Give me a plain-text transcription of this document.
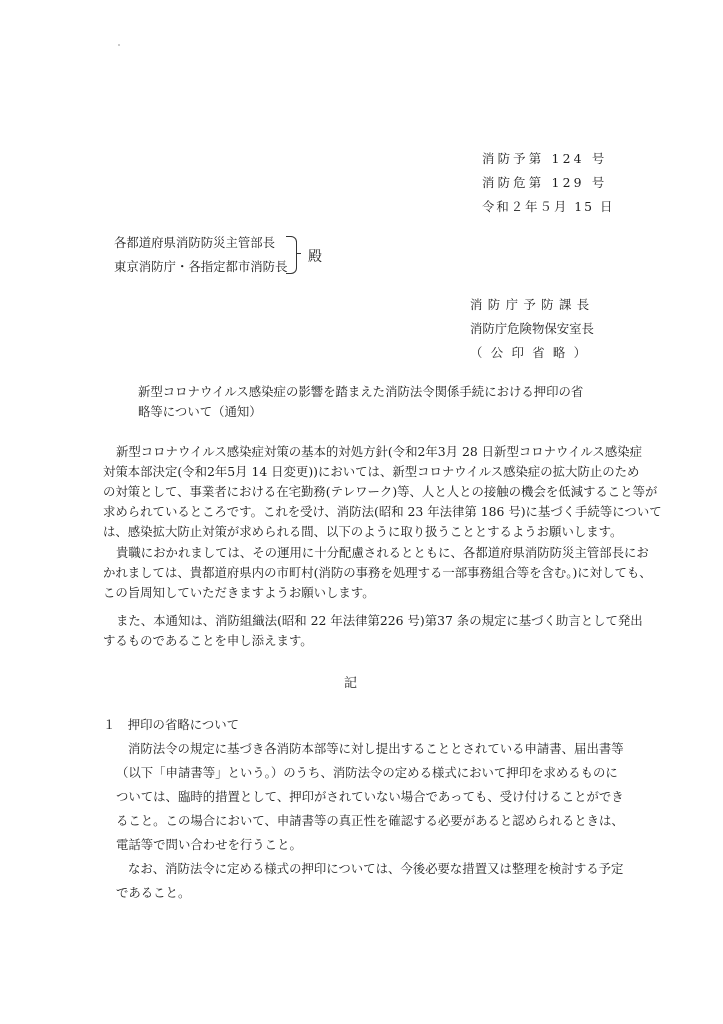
消防予第 124 号
消防危第 129 号
令和２年５月 15 日
各都道府県消防防災主管部長
東京消防庁・各指定都市消防長
殿
消防庁予防課長
消防庁危険物保安室長
（ 公 印 省 略 ）
新型コロナウイルス感染症の影響を踏まえた消防法令関係手続における押印の省
略等について（通知）
新型コロナウイルス感染症対策の基本的対処方針(令和2年3月 28 日新型コロナウイルス感染症
対策本部決定(令和2年5月 14 日変更))においては、新型コロナウイルス感染症の拡大防止のため
の対策として、事業者における在宅勤務(テレワーク)等、人と人との接触の機会を低減すること等が
求められているところです。これを受け、消防法(昭和 23 年法律第 186 号)に基づく手続等について
は、感染拡大防止対策が求められる間、以下のように取り扱うこととするようお願いします。
貴職におかれましては、その運用に十分配慮されるとともに、各都道府県消防防災主管部長にお
かれましては、貴都道府県内の市町村(消防の事務を処理する一部事務組合等を含む。)に対しても、
この旨周知していただきますようお願いします。
また、本通知は、消防組織法(昭和 22 年法律第226 号)第37 条の規定に基づく助言として発出
するものであることを申し添えます。
記
１　押印の省略について
消防法令の規定に基づき各消防本部等に対し提出することとされている申請書、届出書等
（以下「申請書等」という。）のうち、消防法令の定める様式において押印を求めるものに
ついては、臨時的措置として、押印がされていない場合であっても、受け付けることができ
ること。この場合において、申請書等の真正性を確認する必要があると認められるときは、
電話等で問い合わせを行うこと。
なお、消防法令に定める様式の押印については、今後必要な措置又は整理を検討する予定
であること。
